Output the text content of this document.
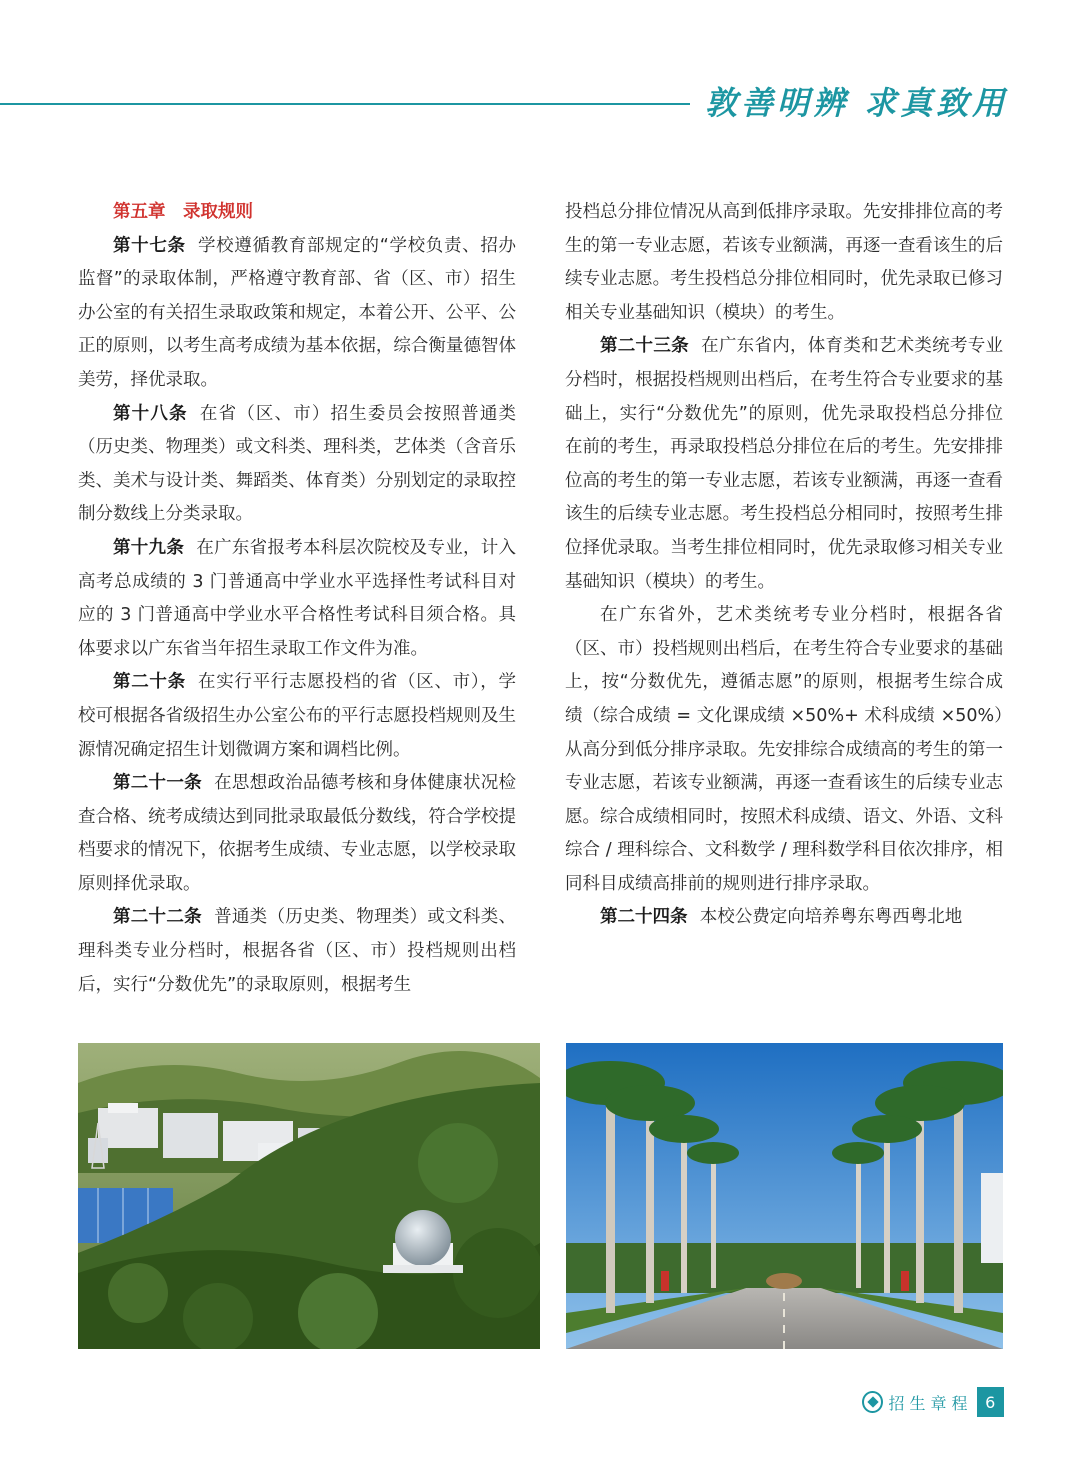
敦善明辨 求真致用

第五章 录取规则

第十七条 学校遵循教育部规定的“学校负责、招办监督”的录取体制，严格遵守教育部、省（区、市）招生办公室的有关招生录取政策和规定，本着公开、公平、公正的原则，以考生高考成绩为基本依据，综合衡量德智体美劳，择优录取。

第十八条 在省（区、市）招生委员会按照普通类（历史类、物理类）或文科类、理科类，艺体类（含音乐类、美术与设计类、舞蹈类、体育类）分别划定的录取控制分数线上分类录取。

第十九条 在广东省报考本科层次院校及专业，计入高考总成绩的 3 门普通高中学业水平选择性考试科目对应的 3 门普通高中学业水平合格性考试科目须合格。具体要求以广东省当年招生录取工作文件为准。

第二十条 在实行平行志愿投档的省（区、市），学校可根据各省级招生办公室公布的平行志愿投档规则及生源情况确定招生计划微调方案和调档比例。

第二十一条 在思想政治品德考核和身体健康状况检查合格、统考成绩达到同批录取最低分数线，符合学校提档要求的情况下，依据考生成绩、专业志愿，以学校录取原则择优录取。

第二十二条 普通类（历史类、物理类）或文科类、理科类专业分档时，根据各省（区、市）投档规则出档后，实行“分数优先”的录取原则，根据考生

投档总分排位情况从高到低排序录取。先安排排位高的考生的第一专业志愿，若该专业额满，再逐一查看该生的后续专业志愿。考生投档总分排位相同时，优先录取已修习相关专业基础知识（模块）的考生。

第二十三条 在广东省内，体育类和艺术类统考专业分档时，根据投档规则出档后，在考生符合专业要求的基础上，实行“分数优先”的原则，优先录取投档总分排位在前的考生，再录取投档总分排位在后的考生。先安排排位高的考生的第一专业志愿，若该专业额满，再逐一查看该生的后续专业志愿。考生投档总分相同时，按照考生排位择优录取。当考生排位相同时，优先录取修习相关专业基础知识（模块）的考生。

在广东省外，艺术类统考专业分档时，根据各省（区、市）投档规则出档后，在考生符合专业要求的基础上，按“分数优先，遵循志愿”的原则，根据考生综合成绩（综合成绩 = 文化课成绩 ×50%+ 术科成绩 ×50%）从高分到低分排序录取。先安排综合成绩高的考生的第一专业志愿，若该专业额满，再逐一查看该生的后续专业志愿。综合成绩相同时，按照术科成绩、语文、外语、文科综合 / 理科综合、文科数学 / 理科数学科目依次排序，相同科目成绩高排前的规则进行排序录取。

第二十四条 本校公费定向培养粤东粤西粤北地

招生章程 6
